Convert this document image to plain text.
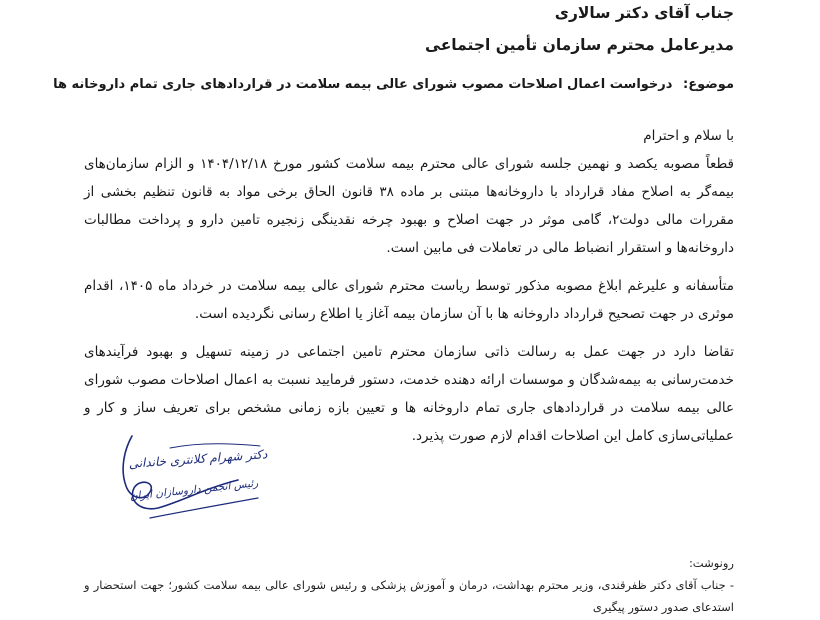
جناب آقای دکتر سالاری
مدیرعامل محترم سازمان تأمین اجتماعی
موضوع: درخواست اعمال اصلاحات مصوب شورای عالی بیمه سلامت در قراردادهای جاری تمام داروخانه ها
با سلام و احترام
قطعاً مصوبه یکصد و نهمین جلسه شورای عالی محترم بیمه سلامت کشور مورخ ۱۴۰۴/۱۲/۱۸ و الزام سازمان‌های بیمه‌گر به اصلاح مفاد قرارداد با داروخانه‌ها مبتنی بر ماده ۳۸ قانون الحاق برخی مواد به قانون تنظیم بخشی از مقررات مالی دولت۲، گامی موثر در جهت اصلاح و بهبود چرخه نقدینگی زنجیره تامین دارو و پرداخت مطالبات داروخانه‌ها و استقرار انضباط مالی در تعاملات فی مابین است.
متأسفانه و علیرغم ابلاغ مصوبه مذکور توسط ریاست محترم شورای عالی بیمه سلامت در خرداد ماه ۱۴۰۵، اقدام موثری در جهت تصحیح قرارداد داروخانه ها با آن سازمان بیمه آغاز یا اطلاع رسانی نگردیده است.
تقاضا دارد در جهت عمل به رسالت ذاتی سازمان محترم تامین اجتماعی در زمینه تسهیل و بهبود فرآیندهای خدمت‌رسانی به بیمه‌شدگان و موسسات ارائه دهنده خدمت، دستور فرمایید نسبت به اعمال اصلاحات مصوب شورای عالی بیمه سلامت در قراردادهای جاری تمام داروخانه ها و تعیین بازه زمانی مشخص برای تعریف ساز و کار و عملیاتی‌سازی کامل این اصلاحات اقدام لازم صورت پذیرد.
دکتر شهرام کلانتری خاندانی
رئیس انجمن داروسازان ایران
رونوشت:
- جناب آقای دکتر ظفرقندی، وزیر محترم بهداشت، درمان و آموزش پزشکی و رئیس شورای عالی بیمه سلامت کشور؛ جهت استحضار و استدعای صدور دستور پیگیری
